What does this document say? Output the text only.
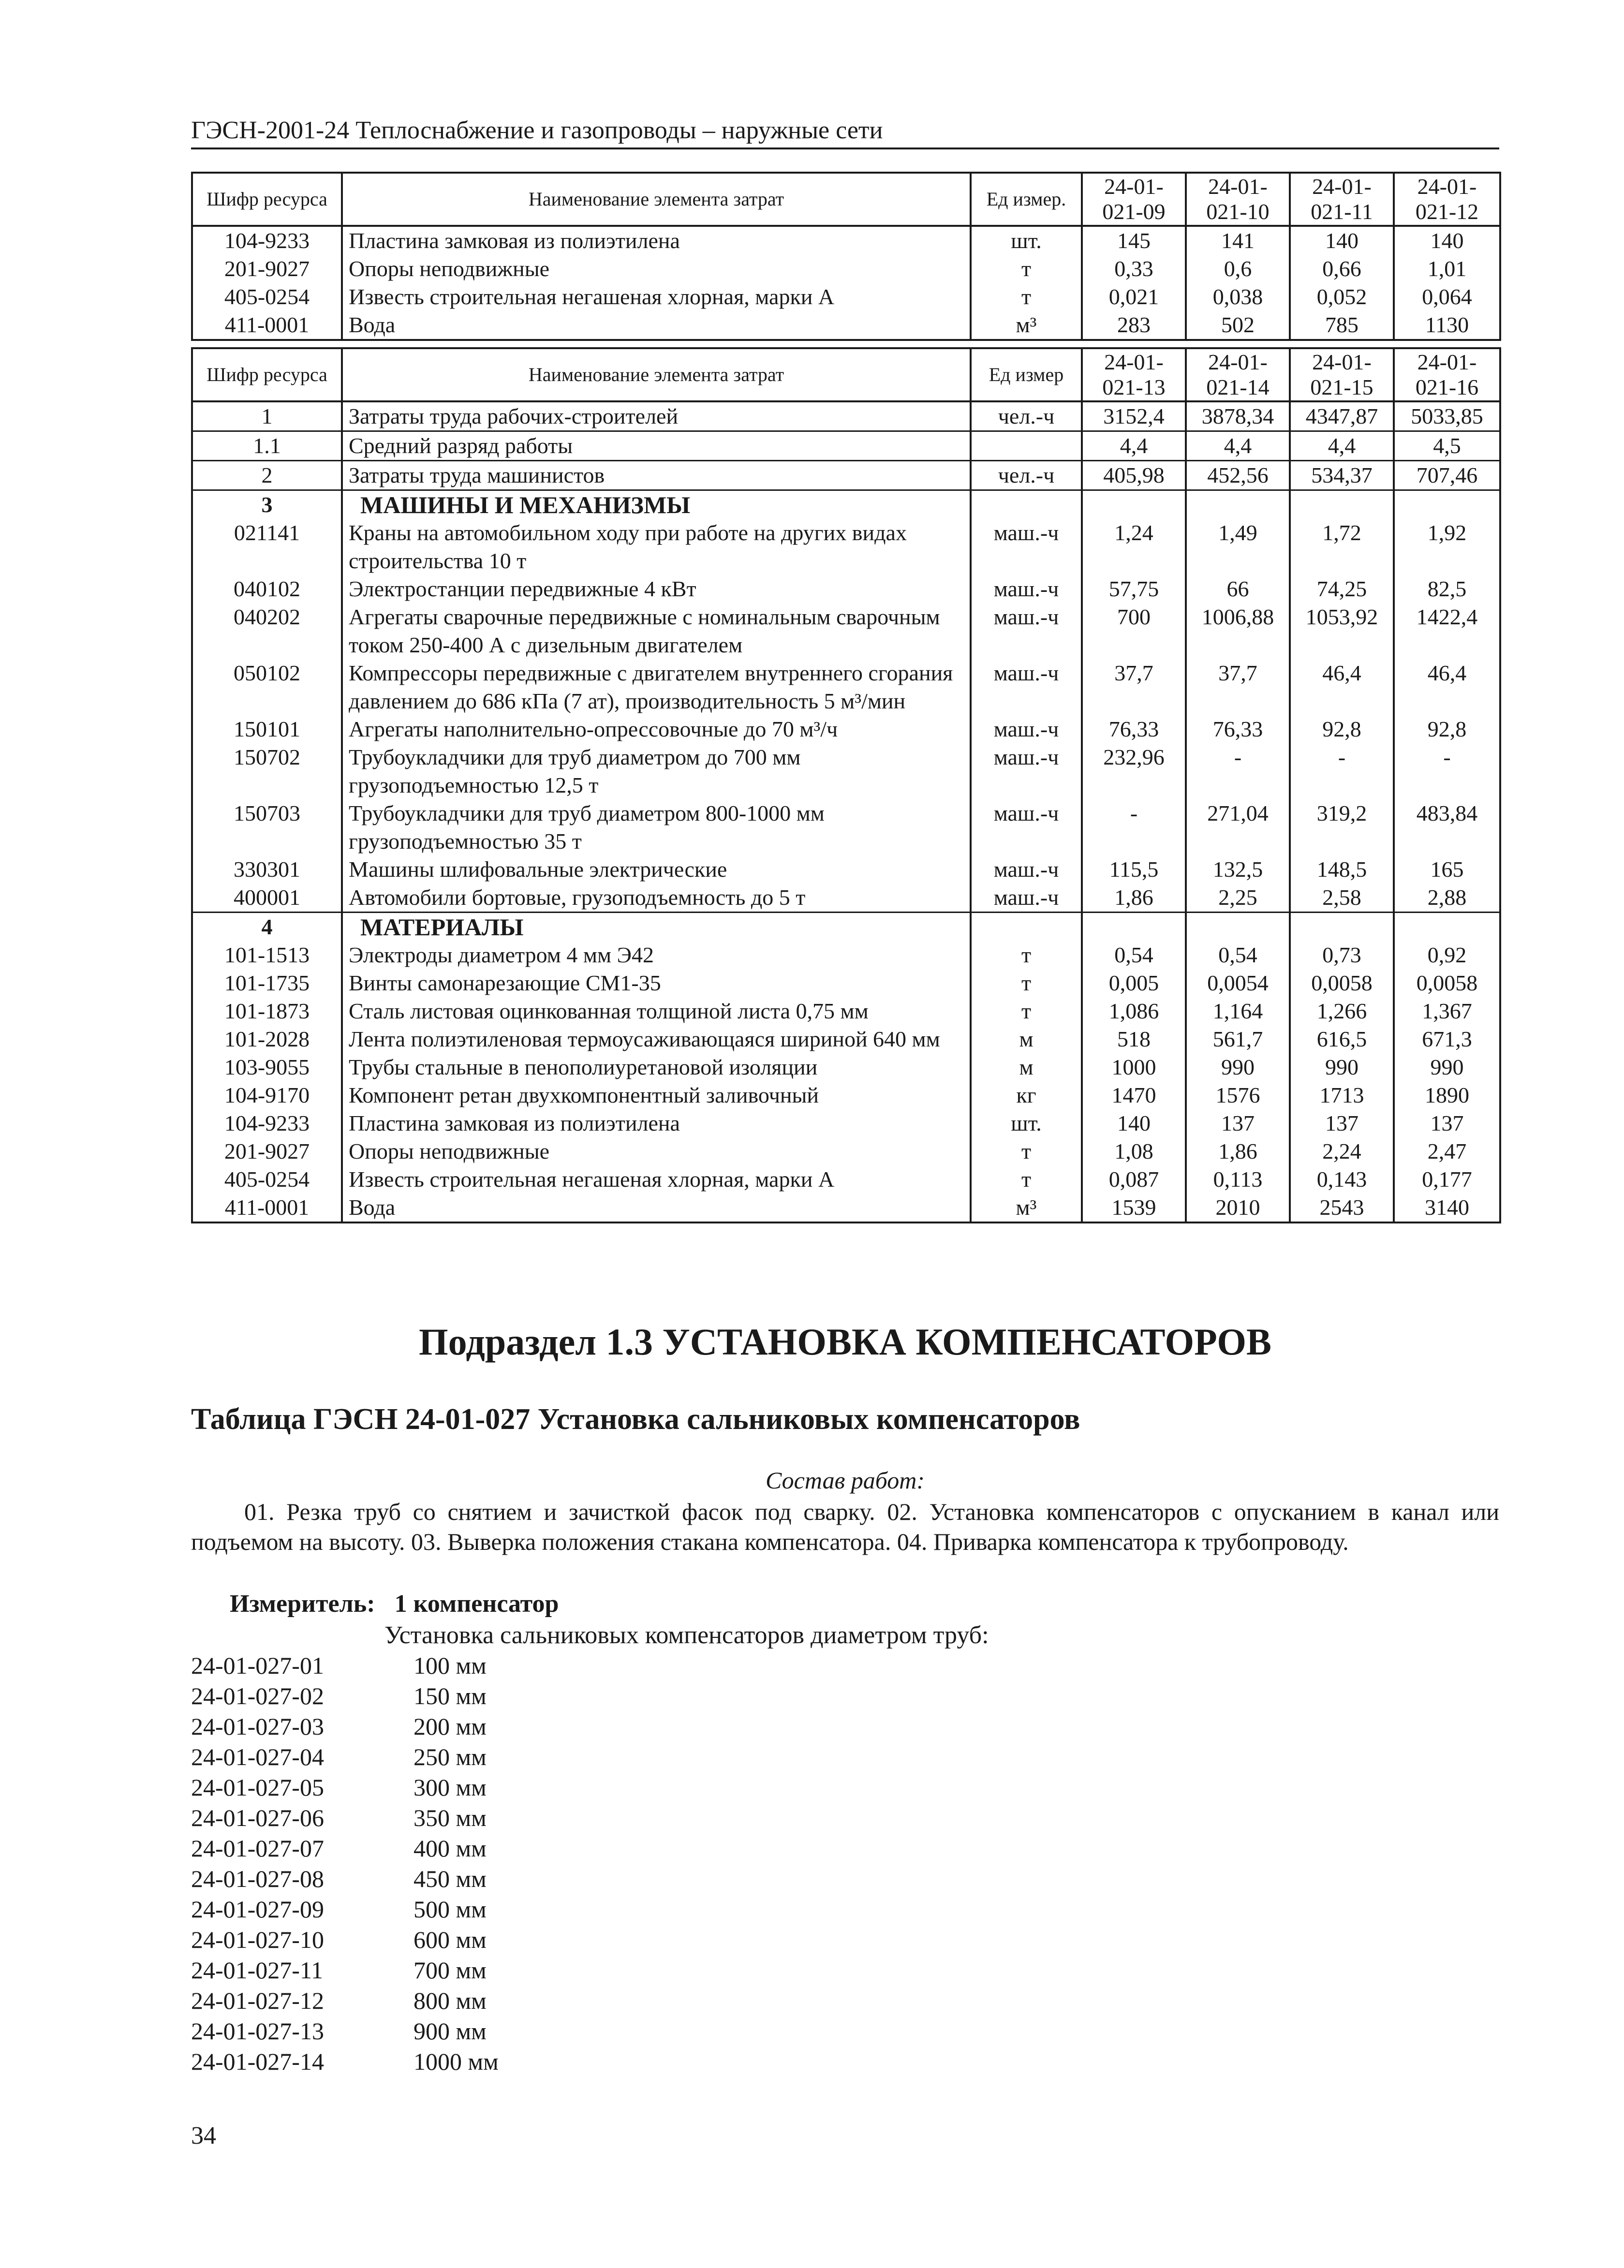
ГЭСН-2001-24 Теплоснабжение и газопроводы – наружные сети
Шифр ресурса	Наименование элемента затрат	Ед измер.	24-01-021-09	24-01-021-10	24-01-021-11	24-01-021-12
104-9233	Пластина замковая из полиэтилена	шт.	145	141	140	140
201-9027	Опоры неподвижные	т	0,33	0,6	0,66	1,01
405-0254	Известь строительная негашеная хлорная, марки А	т	0,021	0,038	0,052	0,064
411-0001	Вода	м³	283	502	785	1130
Шифр ресурса	Наименование элемента затрат	Ед измер	24-01-021-13	24-01-021-14	24-01-021-15	24-01-021-16
1	Затраты труда рабочих-строителей	чел.-ч	3152,4	3878,34	4347,87	5033,85
1.1	Средний разряд работы		4,4	4,4	4,4	4,5
2	Затраты труда машинистов	чел.-ч	405,98	452,56	534,37	707,46
3	МАШИНЫ И МЕХАНИЗМЫ					
021141	Краны на автомобильном ходу при работе на других видах строительства 10 т	маш.-ч	1,24	1,49	1,72	1,92
040102	Электростанции передвижные 4 кВт	маш.-ч	57,75	66	74,25	82,5
040202	Агрегаты сварочные передвижные с номинальным сварочным током 250-400 А с дизельным двигателем	маш.-ч	700	1006,88	1053,92	1422,4
050102	Компрессоры передвижные с двигателем внутреннего сгорания давлением до 686 кПа (7 ат), производительность 5 м³/мин	маш.-ч	37,7	37,7	46,4	46,4
150101	Агрегаты наполнительно-опрессовочные до 70 м³/ч	маш.-ч	76,33	76,33	92,8	92,8
150702	Трубоукладчики для труб диаметром до 700 мм грузоподъемностью 12,5 т	маш.-ч	232,96	-	-	-
150703	Трубоукладчики для труб диаметром 800-1000 мм грузоподъемностью 35 т	маш.-ч	-	271,04	319,2	483,84
330301	Машины шлифовальные электрические	маш.-ч	115,5	132,5	148,5	165
400001	Автомобили бортовые, грузоподъемность до 5 т	маш.-ч	1,86	2,25	2,58	2,88
4	МАТЕРИАЛЫ					
101-1513	Электроды диаметром 4 мм Э42	т	0,54	0,54	0,73	0,92
101-1735	Винты самонарезающие СМ1-35	т	0,005	0,0054	0,0058	0,0058
101-1873	Сталь листовая оцинкованная толщиной листа 0,75 мм	т	1,086	1,164	1,266	1,367
101-2028	Лента полиэтиленовая термоусаживающаяся шириной 640 мм	м	518	561,7	616,5	671,3
103-9055	Трубы стальные в пенополиуретановой изоляции	м	1000	990	990	990
104-9170	Компонент ретан двухкомпонентный заливочный	кг	1470	1576	1713	1890
104-9233	Пластина замковая из полиэтилена	шт.	140	137	137	137
201-9027	Опоры неподвижные	т	1,08	1,86	2,24	2,47
405-0254	Известь строительная негашеная хлорная, марки А	т	0,087	0,113	0,143	0,177
411-0001	Вода	м³	1539	2010	2543	3140
Подраздел 1.3 УСТАНОВКА КОМПЕНСАТОРОВ
Таблица ГЭСН 24-01-027 Установка сальниковых компенсаторов
Состав работ:
01. Резка труб со снятием и зачисткой фасок под сварку. 02. Установка компенсаторов с опусканием в канал или подъемом на высоту. 03. Выверка положения стакана компенсатора. 04. Приварка компенсатора к трубопроводу.
Измеритель: 1 компенсатор
Установка сальниковых компенсаторов диаметром труб:
24-01-027-01	100 мм
24-01-027-02	150 мм
24-01-027-03	200 мм
24-01-027-04	250 мм
24-01-027-05	300 мм
24-01-027-06	350 мм
24-01-027-07	400 мм
24-01-027-08	450 мм
24-01-027-09	500 мм
24-01-027-10	600 мм
24-01-027-11	700 мм
24-01-027-12	800 мм
24-01-027-13	900 мм
24-01-027-14	1000 мм
34
